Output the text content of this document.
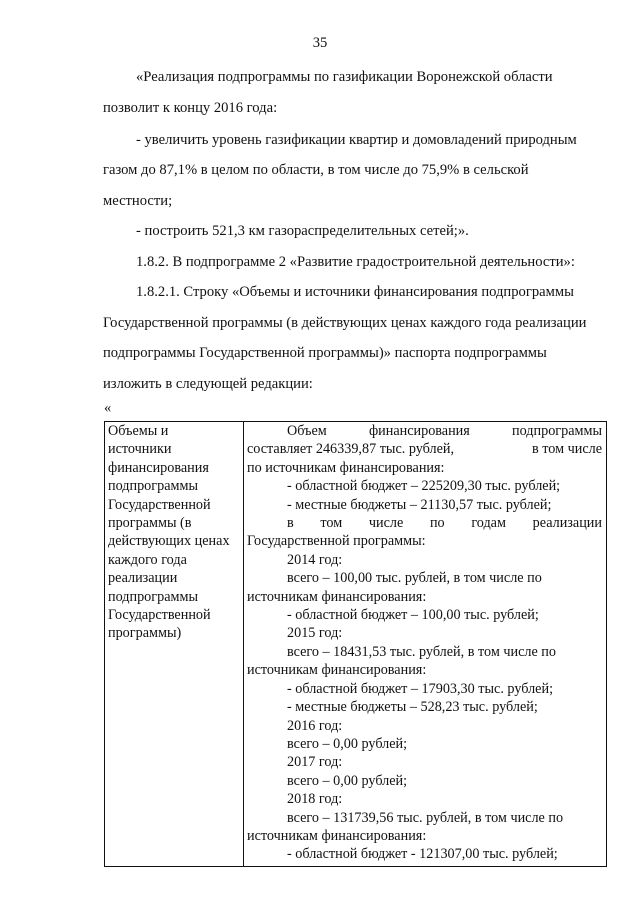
35
«Реализация подпрограммы по газификации Воронежской области
позволит к концу 2016 года:
- увеличить уровень газификации квартир и домовладений природным
газом до 87,1% в целом по области, в том числе до 75,9% в сельской
местности;
- построить 521,3 км газораспределительных сетей;».
1.8.2. В подпрограмме 2 «Развитие градостроительной деятельности»:
1.8.2.1. Строку «Объемы и источники финансирования подпрограммы
Государственной программы (в действующих ценах каждого года реализации
подпрограммы Государственной программы)» паспорта подпрограммы
изложить в следующей редакции:
«
Объемы и
источники
финансирования
подпрограммы
Государственной
программы (в
действующих ценах
каждого года
реализации
подпрограммы
Государственной
программы)

Объем	финансирования	подпрограммы
составляет 246339,87 тыс. рублей,	в том числе
по источникам финансирования:
- областной бюджет – 225209,30 тыс. рублей;
- местные бюджеты – 21130,57 тыс. рублей;
в том числе по годам реализации
Государственной программы:
2014 год:
всего – 100,00 тыс. рублей, в том числе по
источникам финансирования:
- областной бюджет – 100,00 тыс. рублей;
2015 год:
всего – 18431,53 тыс. рублей, в том числе по
источникам финансирования:
- областной бюджет – 17903,30 тыс. рублей;
- местные бюджеты – 528,23 тыс. рублей;
2016 год:
всего – 0,00 рублей;
2017 год:
всего – 0,00 рублей;
2018 год:
всего – 131739,56 тыс. рублей, в том числе по
источникам финансирования:
- областной бюджет - 121307,00 тыс. рублей;
